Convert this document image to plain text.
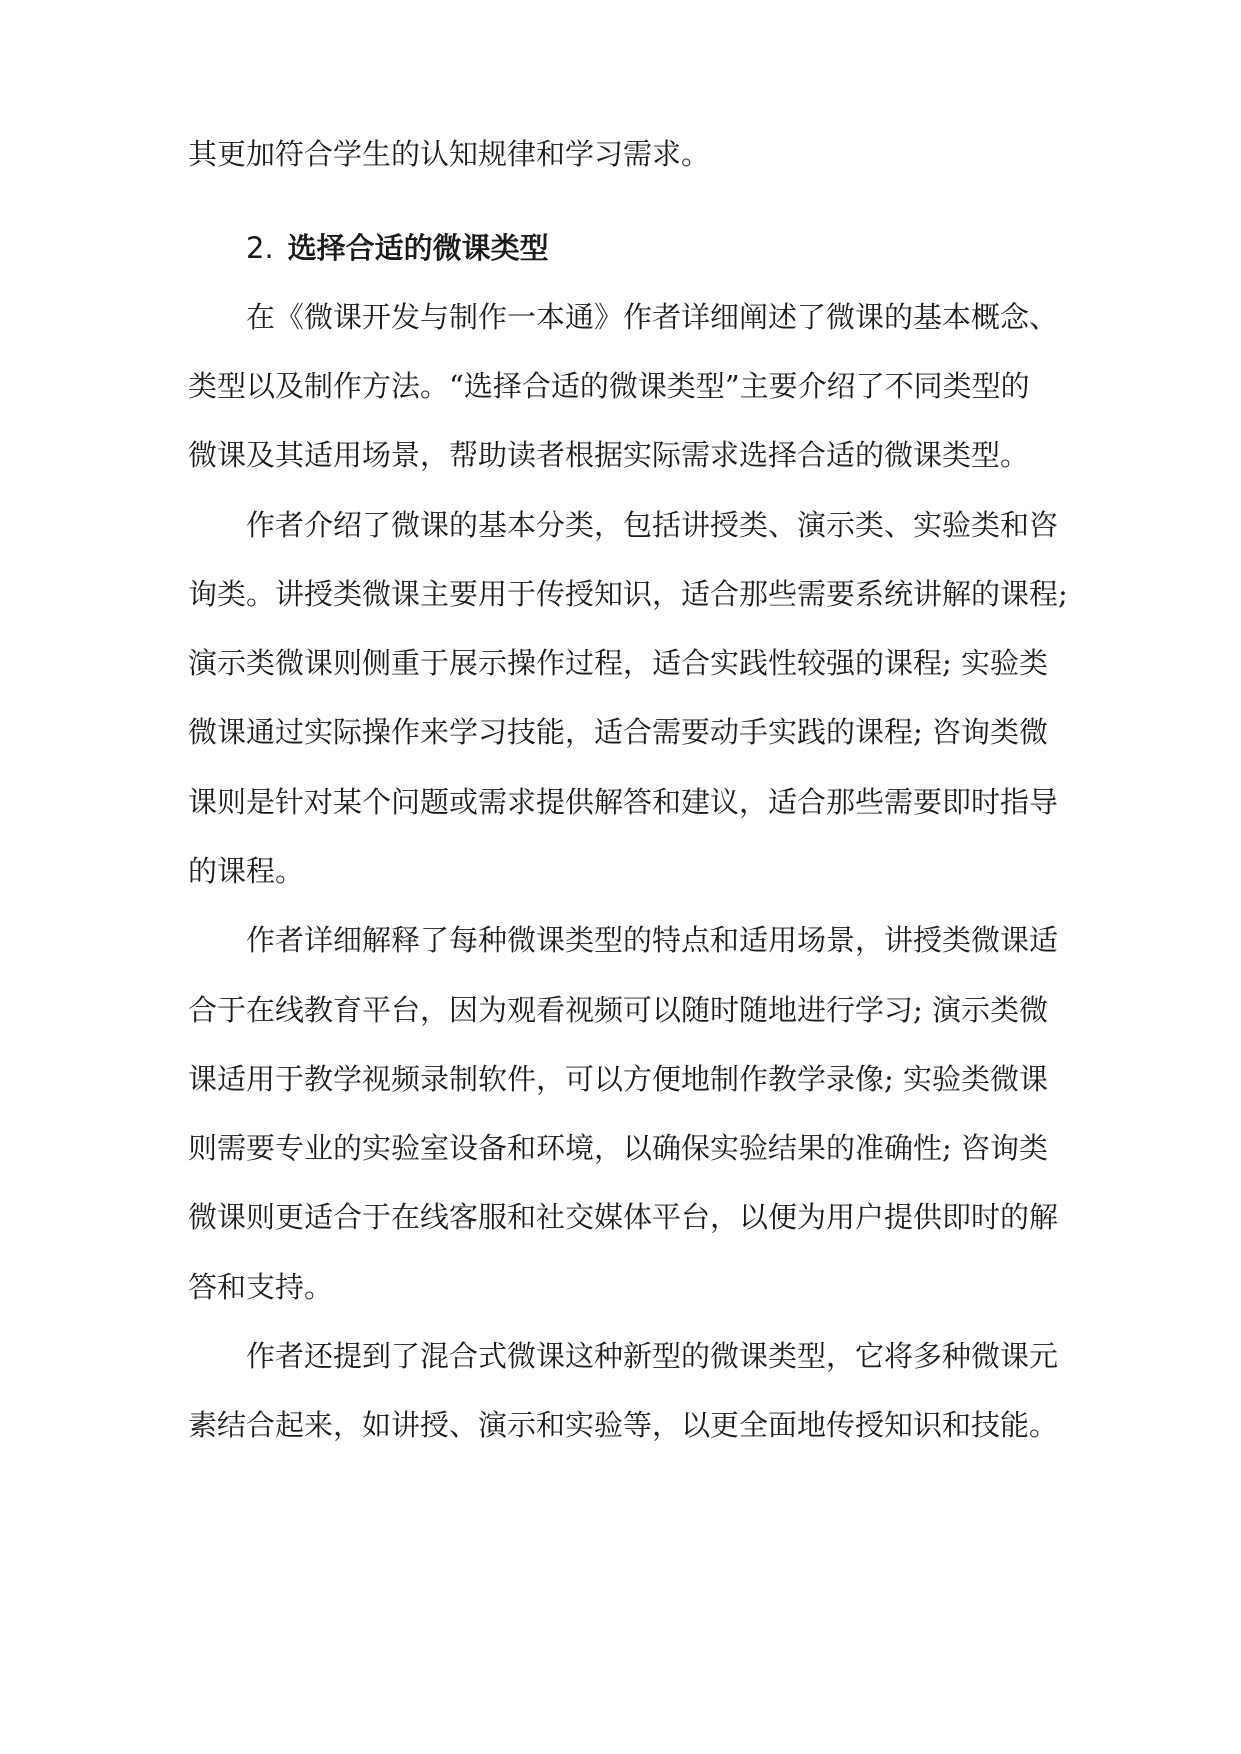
其更加符合学生的认知规律和学习需求。
2. 选择合适的微课类型
在《微课开发与制作一本通》作者详细阐述了微课的基本概念、
类型以及制作方法。“选择合适的微课类型”主要介绍了不同类型的
微课及其适用场景，帮助读者根据实际需求选择合适的微课类型。
作者介绍了微课的基本分类，包括讲授类、演示类、实验类和咨
询类。讲授类微课主要用于传授知识，适合那些需要系统讲解的课程;
演示类微课则侧重于展示操作过程，适合实践性较强的课程; 实验类
微课通过实际操作来学习技能，适合需要动手实践的课程; 咨询类微
课则是针对某个问题或需求提供解答和建议，适合那些需要即时指导
的课程。
作者详细解释了每种微课类型的特点和适用场景，讲授类微课适
合于在线教育平台，因为观看视频可以随时随地进行学习; 演示类微
课适用于教学视频录制软件，可以方便地制作教学录像; 实验类微课
则需要专业的实验室设备和环境，以确保实验结果的准确性; 咨询类
微课则更适合于在线客服和社交媒体平台，以便为用户提供即时的解
答和支持。
作者还提到了混合式微课这种新型的微课类型，它将多种微课元
素结合起来，如讲授、演示和实验等，以更全面地传授知识和技能。
